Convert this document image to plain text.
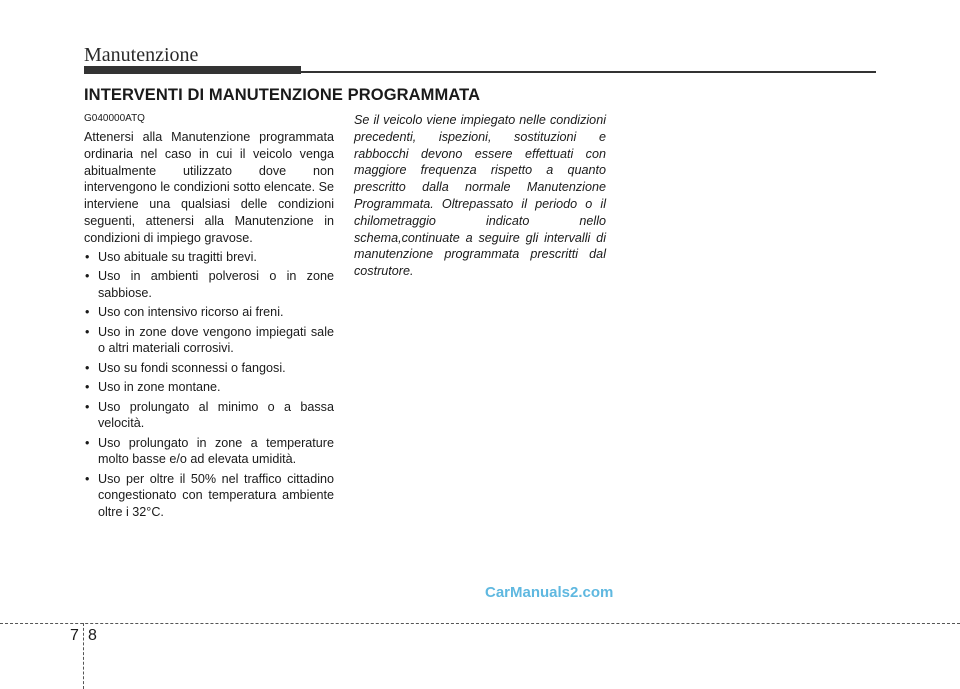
Manutenzione
INTERVENTI DI MANUTENZIONE PROGRAMMATA
G040000ATQ

Attenersi alla Manutenzione programmata ordinaria nel caso in cui il veicolo venga abitualmente utilizzato dove non intervengono le condizioni sotto elencate. Se interviene una qualsiasi delle condizioni seguenti, attenersi alla Manutenzione in condizioni di impiego gravose.

• Uso abituale su tragitti brevi.
• Uso in ambienti polverosi o in zone sabbiose.
• Uso con intensivo ricorso ai freni.
• Uso in zone dove vengono impiegati sale o altri materiali corrosivi.
• Uso su fondi sconnessi o fangosi.
• Uso in zone montane.
• Uso prolungato al minimo o a bassa velocità.
• Uso prolungato in zone a temperature molto basse e/o ad elevata umidità.
• Uso per oltre il 50% nel traffico cittadino congestionato con temperatura ambiente oltre i 32°C.

Se il veicolo viene impiegato nelle condizioni precedenti, ispezioni, sostituzioni e rabbocchi devono essere effettuati con maggiore frequenza rispetto a quanto prescritto dalla normale Manutenzione Programmata. Oltrepassato il periodo o il chilometraggio indicato nello schema,continuate a seguire gli intervalli di manutenzione programmata prescritti dal costrutore.

CarManuals2.com
7 8
